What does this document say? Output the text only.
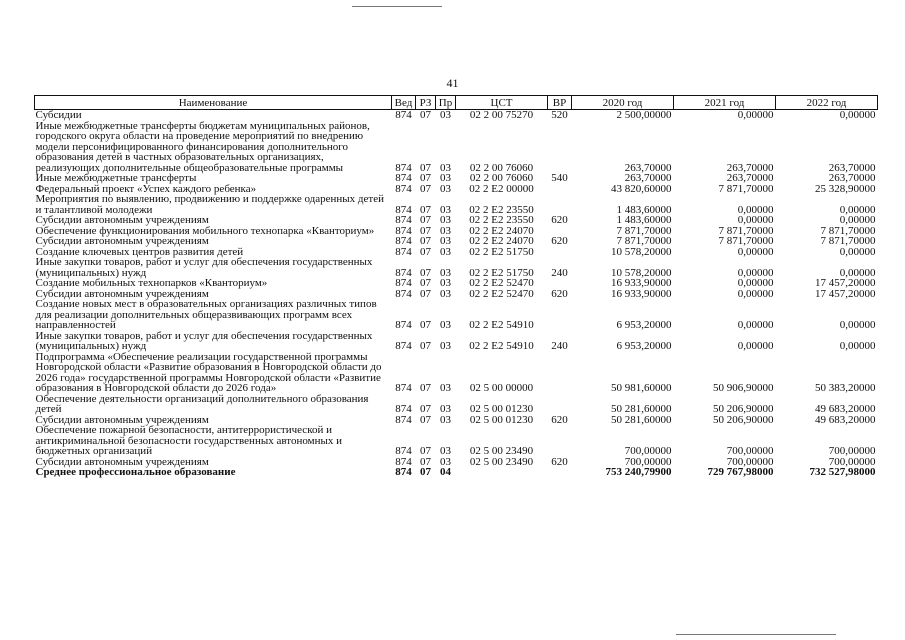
41
Наименование	Вед	РЗ	Пр	ЦСТ	ВР	2020 год	2021 год	2022 год
Субсидии	874	07	03	02 2 00 75270	520	2 500,00000	0,00000	0,00000
Иные межбюджетные трансферты бюджетам муниципальных районов, городского округа области на проведение мероприятий по внедрению модели персонифицированного финансирования дополнительного образования детей в частных образовательных организациях, реализующих дополнительные общеобразовательные программы	874	07	03	02 2 00 76060		263,70000	263,70000	263,70000
Иные межбюджетные трансферты	874	07	03	02 2 00 76060	540	263,70000	263,70000	263,70000
Федеральный проект «Успех каждого ребенка»	874	07	03	02 2 E2 00000		43 820,60000	7 871,70000	25 328,90000
Мероприятия по выявлению, продвижению и поддержке одаренных детей и талантливой молодежи	874	07	03	02 2 E2 23550		1 483,60000	0,00000	0,00000
Субсидии автономным учреждениям	874	07	03	02 2 E2 23550	620	1 483,60000	0,00000	0,00000
Обеспечение функционирования мобильного технопарка «Кванториум»	874	07	03	02 2 E2 24070		7 871,70000	7 871,70000	7 871,70000
Субсидии автономным учреждениям	874	07	03	02 2 E2 24070	620	7 871,70000	7 871,70000	7 871,70000
Создание ключевых центров развития детей	874	07	03	02 2 E2 51750		10 578,20000	0,00000	0,00000
Иные закупки товаров, работ и услуг для обеспечения государственных (муниципальных) нужд	874	07	03	02 2 E2 51750	240	10 578,20000	0,00000	0,00000
Создание мобильных технопарков «Кванториум»	874	07	03	02 2 E2 52470		16 933,90000	0,00000	17 457,20000
Субсидии автономным учреждениям	874	07	03	02 2 E2 52470	620	16 933,90000	0,00000	17 457,20000
Создание новых мест в образовательных организациях различных типов для реализации дополнительных общеразвивающих программ всех направленностей	874	07	03	02 2 E2 54910		6 953,20000	0,00000	0,00000
Иные закупки товаров, работ и услуг для обеспечения государственных (муниципальных) нужд	874	07	03	02 2 E2 54910	240	6 953,20000	0,00000	0,00000
Подпрограмма «Обеспечение реализации государственной программы Новгородской области «Развитие образования в Новгородской области до 2026 года» государственной программы Новгородской области «Развитие образования в Новгородской области до 2026 года»	874	07	03	02 5 00 00000		50 981,60000	50 906,90000	50 383,20000
Обеспечение деятельности организаций дополнительного образования детей	874	07	03	02 5 00 01230		50 281,60000	50 206,90000	49 683,20000
Субсидии автономным учреждениям	874	07	03	02 5 00 01230	620	50 281,60000	50 206,90000	49 683,20000
Обеспечение пожарной безопасности, антитеррористической и антикриминальной безопасности государственных автономных и бюджетных организаций	874	07	03	02 5 00 23490		700,00000	700,00000	700,00000
Субсидии автономным учреждениям	874	07	03	02 5 00 23490	620	700,00000	700,00000	700,00000
Среднее профессиональное образование	874	07	04			753 240,79900	729 767,98000	732 527,98000
